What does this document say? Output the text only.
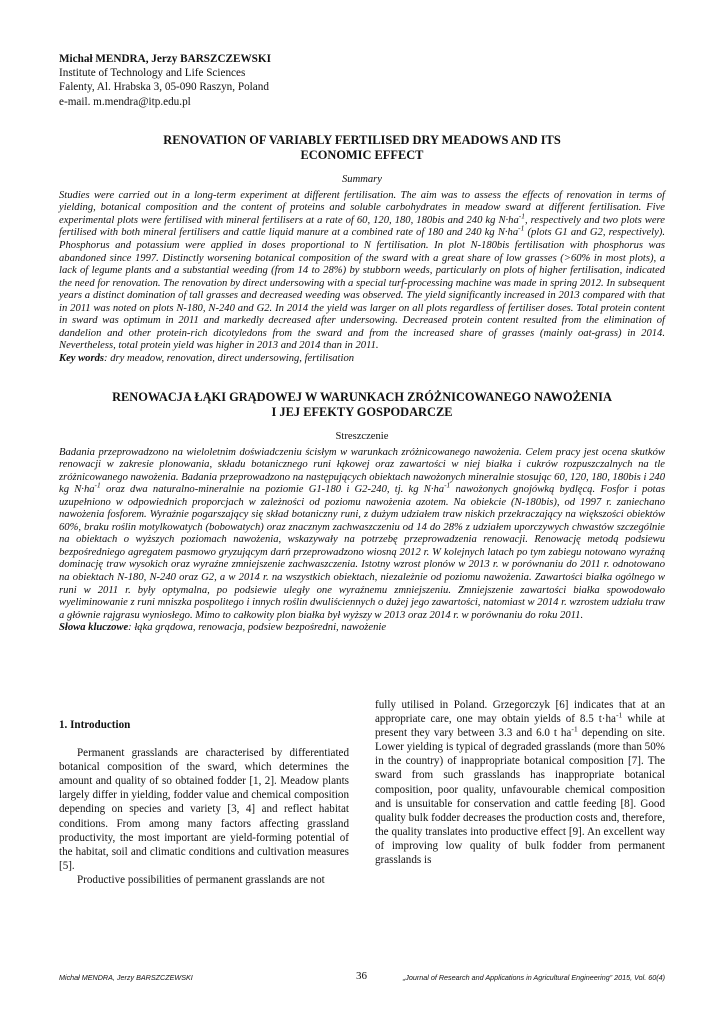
Michał MENDRA, Jerzy BARSZCZEWSKI
Institute of Technology and Life Sciences
Falenty, Al. Hrabska 3, 05-090 Raszyn, Poland
e-mail. m.mendra@itp.edu.pl
RENOVATION OF VARIABLY FERTILISED DRY MEADOWS AND ITS
ECONOMIC EFFECT
Summary
Studies were carried out in a long-term experiment at different fertilisation. The aim was to assess the effects of renovation in terms of yielding, botanical composition and the content of proteins and soluble carbohydrates in meadow sward at different fertilisation. Five experimental plots were fertilised with mineral fertilisers at a rate of 60, 120, 180, 180bis and 240 kg $N\cdot ha^{-1}$, respectively and two plots were fertilised with both mineral fertilisers and cattle liquid manure at a combined rate of 180 and 240 kg $N\cdot ha^{-1}$ (plots G1 and G2, respectively). Phosphorus and potassium were applied in doses proportional to N fertilisation. In plot N-180bis fertilisation with phosphorus was abandoned since 1997. Distinctly worsening botanical composition of the sward with a great share of low grasses (>60% in most plots), a lack of legume plants and a substantial weeding (from 14 to 28%) by stubborn weeds, particularly on plots of higher fertilisation, indicated the need for renovation. The renovation by direct undersowing with a special turf-processing machine was made in spring 2012. In subsequent years a distinct domination of tall grasses and decreased weeding was observed. The yield significantly increased in 2013 compared with that in 2011 was noted on plots N-180, N-240 and G2. In 2014 the yield was larger on all plots regardless of fertiliser doses. Total protein content in sward was optimum in 2011 and markedly decreased after undersowing. Decreased protein content resulted from the elimination of dandelion and other protein-rich dicotyledons from the sward and from the increased share of grasses (mainly oat-grass) in 2014. Nevertheless, total protein yield was higher in 2013 and 2014 than in 2011.
Key words: dry meadow, renovation, direct undersowing, fertilisation
RENOWACJA ŁĄKI GRĄDOWEJ W WARUNKACH ZRÓŻNICOWANEGO NAWOŻENIA
I JEJ EFEKTY GOSPODARCZE
Streszczenie
Badania przeprowadzono na wieloletnim doświadczeniu ścisłym w warunkach zróżnicowanego nawożenia. Celem pracy jest ocena skutków renowacji w zakresie plonowania, składu botanicznego runi łąkowej oraz zawartości w niej białka i cukrów rozpuszczalnych na tle zróżnicowanego nawożenia. Badania przeprowadzono na następujących obiektach nawożonych mineralnie stosując 60, 120, 180, 180bis i 240 kg $N\cdot ha^{-1}$ oraz dwa naturalno-mineralnie na poziomie G1-180 i G2-240, tj. kg $N\cdot ha^{-1}$ nawożonych gnojówką bydlęcą. Fosfor i potas uzupełniono w odpowiednich proporcjach w zależności od poziomu nawożenia azotem. Na obiekcie (N-180bis), od 1997 r. zaniechano nawożenia fosforem. Wyraźnie pogarszający się skład botaniczny runi, z dużym udziałem traw niskich przekraczający na większości obiektów 60%, braku roślin motylkowatych (bobowatych) oraz znacznym zachwaszczeniu od 14 do 28% z udziałem uporczywych chwastów szczególnie na obiektach o wyższych poziomach nawożenia, wskazywały na potrzebę przeprowadzenia renowacji. Renowację metodą podsiewu bezpośredniego agregatem pasmowo gryzującym darń przeprowadzono wiosną 2012 r. W kolejnych latach po tym zabiegu notowano wyraźną dominację traw wysokich oraz wyraźne zmniejszenie zachwaszczenia. Istotny wzrost plonów w 2013 r. w porównaniu do 2011 r. odnotowano na obiektach N-180, N-240 oraz G2, a w 2014 r. na wszystkich obiektach, niezależnie od poziomu nawożenia. Zawartości białka ogólnego w runi w 2011 r. były optymalna, po podsiewie uległy one wyraźnemu zmniejszeniu. Zmniejszenie zawartości białka spowodowało wyeliminowanie z runi mniszka pospolitego i innych roślin dwuliściennych o dużej jego zawartości, natomiast w 2014 r. wzrostem udziału traw a głównie rajgrasu wyniosłego. Mimo to całkowity plon białka był wyższy w 2013 oraz 2014 r. w porównaniu do roku 2011.
Słowa kluczowe: łąka grądowa, renowacja, podsiew bezpośredni, nawożenie
1. Introduction

Permanent grasslands are characterised by differentiated botanical composition of the sward, which determines the amount and quality of so obtained fodder [1, 2]. Meadow plants largely differ in yielding, fodder value and chemical composition depending on species and variety [3, 4] and reflect habitat conditions. From among many factors affecting grassland productivity, the most important are yield-forming potential of the habitat, soil and climatic conditions and cultivation measures [5].

Productive possibilities of permanent grasslands are not

fully utilised in Poland. Grzegorczyk [6] indicates that at an appropriate care, one may obtain yields of 8.5 $t\cdot ha^{-1}$ while at present they vary between 3.3 and 6.0 t $ha^{-1}$ depending on site. Lower yielding is typical of degraded grasslands (more than 50% in the country) of inappropriate botanical composition [7]. The sward from such grasslands has inappropriate botanical composition, poor quality, unfavourable chemical composition and is unsuitable for conservation and cattle feeding [8]. Good quality bulk fodder decreases the production costs and, therefore, the quality translates into productive effect [9]. An excellent way of improving low quality of bulk fodder from permanent grasslands is

Michał MENDRA, Jerzy BARSZCZEWSKI	36	„Journal of Research and Applications in Agricultural Engineering” 2015, Vol. 60(4)
